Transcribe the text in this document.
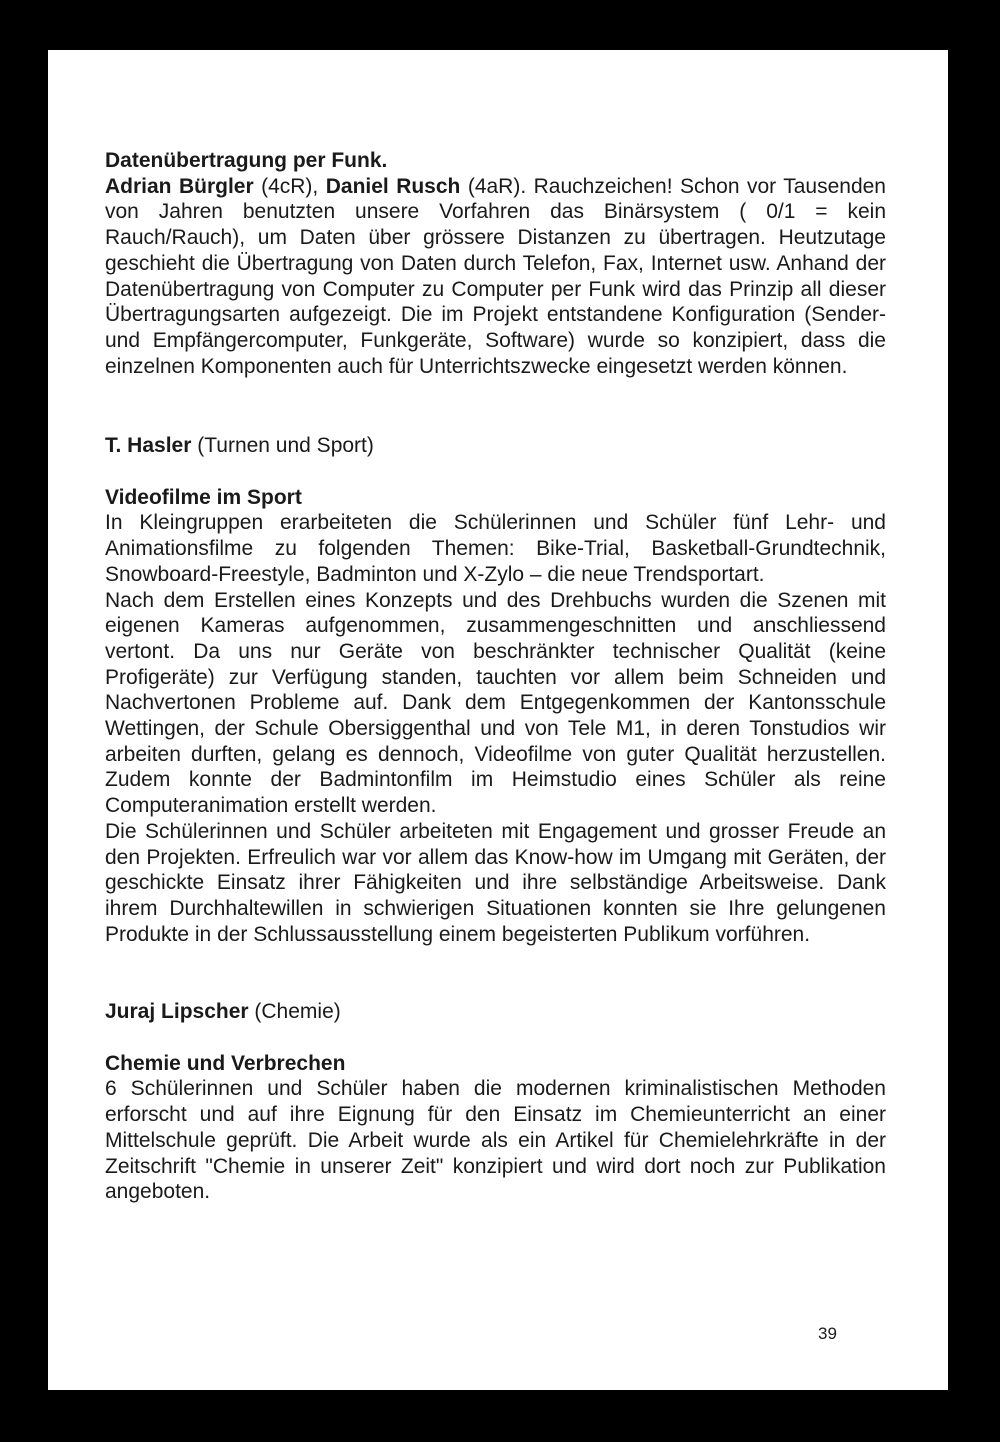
Datenübertragung per Funk.

Adrian Bürgler (4cR), Daniel Rusch (4aR). Rauchzeichen! Schon vor Tausenden von Jahren benutzten unsere Vorfahren das Binärsystem ( 0/1 = kein Rauch/Rauch), um Daten über grössere Distanzen zu übertragen. Heutzutage geschieht die Übertragung von Daten durch Telefon, Fax, Internet usw. Anhand der Datenübertragung von Computer zu Computer per Funk wird das Prinzip all dieser Übertragungsarten aufgezeigt. Die im Projekt entstandene Konfiguration (Sender- und Empfängercomputer, Funkgeräte, Software) wurde so konzipiert, dass die einzelnen Komponenten auch für Unterrichtszwecke eingesetzt werden können.

T. Hasler (Turnen und Sport)
Videofilme im Sport

In Kleingruppen erarbeiteten die Schülerinnen und Schüler fünf Lehr- und Animationsfilme zu folgenden Themen: Bike-Trial, Basketball-Grundtechnik, Snowboard-Freestyle, Badminton und X-Zylo – die neue Trendsportart.

Nach dem Erstellen eines Konzepts und des Drehbuchs wurden die Szenen mit eigenen Kameras aufgenommen, zusammengeschnitten und anschliessend vertont. Da uns nur Geräte von beschränkter technischer Qualität (keine Profigeräte) zur Verfügung standen, tauchten vor allem beim Schneiden und Nachvertonen Probleme auf. Dank dem Entgegenkommen der Kantonsschule Wettingen, der Schule Obersiggenthal und von Tele M1, in deren Tonstudios wir arbeiten durften, gelang es dennoch, Videofilme von guter Qualität herzustellen. Zudem konnte der Badmintonfilm im Heimstudio eines Schüler als reine Computeranimation erstellt werden.

Die Schülerinnen und Schüler arbeiteten mit Engagement und grosser Freude an den Projekten. Erfreulich war vor allem das Know-how im Umgang mit Geräten, der geschickte Einsatz ihrer Fähigkeiten und ihre selbständige Arbeitsweise. Dank ihrem Durchhaltewillen in schwierigen Situationen konnten sie Ihre gelungenen Produkte in der Schlussausstellung einem begeisterten Publikum vorführen.

Juraj Lipscher (Chemie)
Chemie und Verbrechen

6 Schülerinnen und Schüler haben die modernen kriminalistischen Methoden erforscht und auf ihre Eignung für den Einsatz im Chemieunterricht an einer Mittelschule geprüft. Die Arbeit wurde als ein Artikel für Chemielehrkräfte in der Zeitschrift "Chemie in unserer Zeit" konzipiert und wird dort noch zur Publikation angeboten.

39
